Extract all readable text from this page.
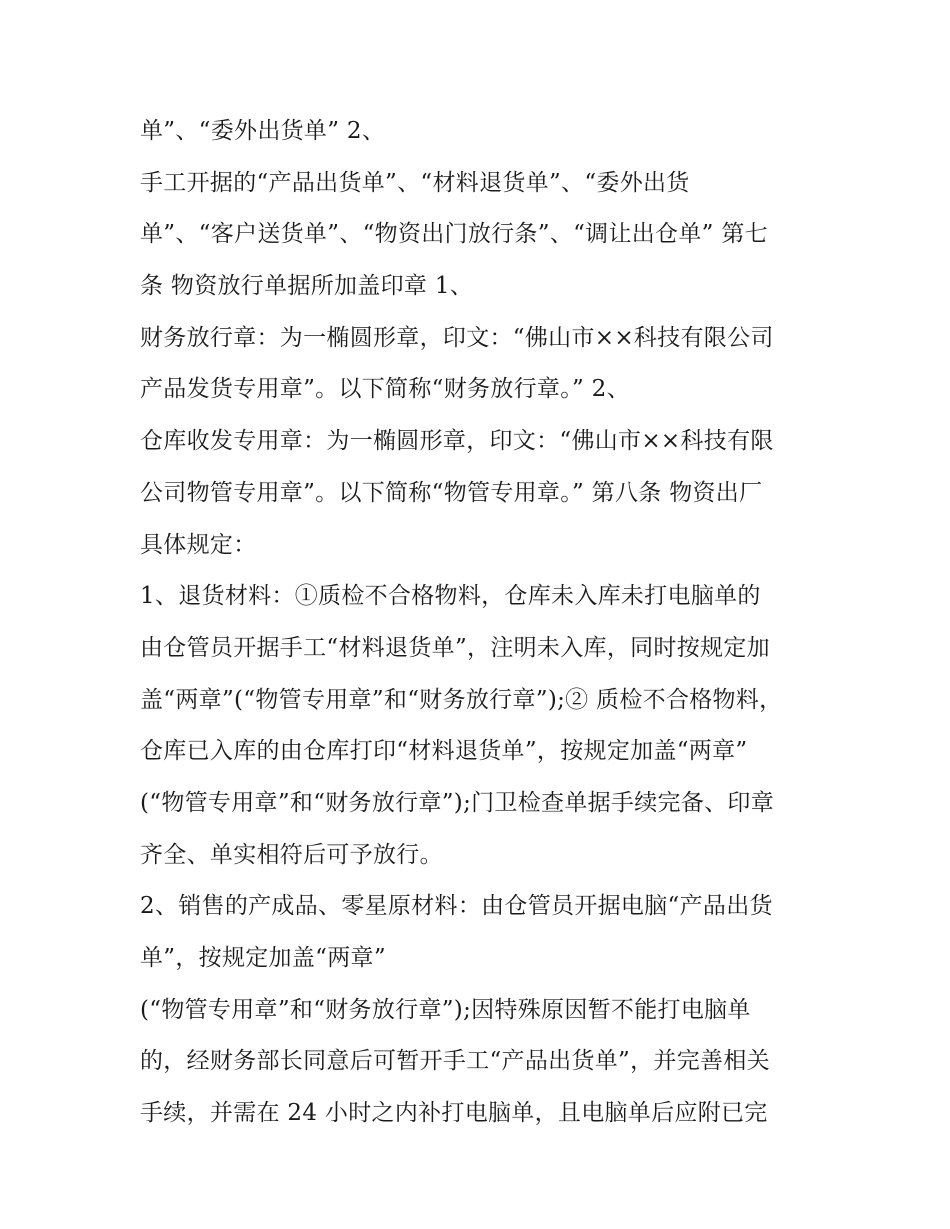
单”、“委外出货单” 2、
手工开据的“产品出货单”、“材料退货单”、“委外出货
单”、“客户送货单”、“物资出门放行条”、“调让出仓单” 第七
条 物资放行单据所加盖印章 1、
财务放行章：为一椭圆形章，印文：“佛山市××科技有限公司
产品发货专用章”。以下简称“财务放行章。” 2、
仓库收发专用章：为一椭圆形章，印文：“佛山市××科技有限
公司物管专用章”。以下简称“物管专用章。” 第八条 物资出厂
具体规定：
1、退货材料：①质检不合格物料，仓库未入库未打电脑单的
由仓管员开据手工“材料退货单”，注明未入库，同时按规定加
盖“两章”(“物管专用章”和“财务放行章”);② 质检不合格物料，
仓库已入库的由仓库打印“材料退货单”，按规定加盖“两章”
(“物管专用章”和“财务放行章”);门卫检查单据手续完备、印章
齐全、单实相符后可予放行。
2、销售的产成品、零星原材料：由仓管员开据电脑“产品出货
单”，按规定加盖“两章”
(“物管专用章”和“财务放行章”);因特殊原因暂不能打电脑单
的，经财务部长同意后可暂开手工“产品出货单”，并完善相关
手续，并需在 24 小时之内补打电脑单，且电脑单后应附已完
